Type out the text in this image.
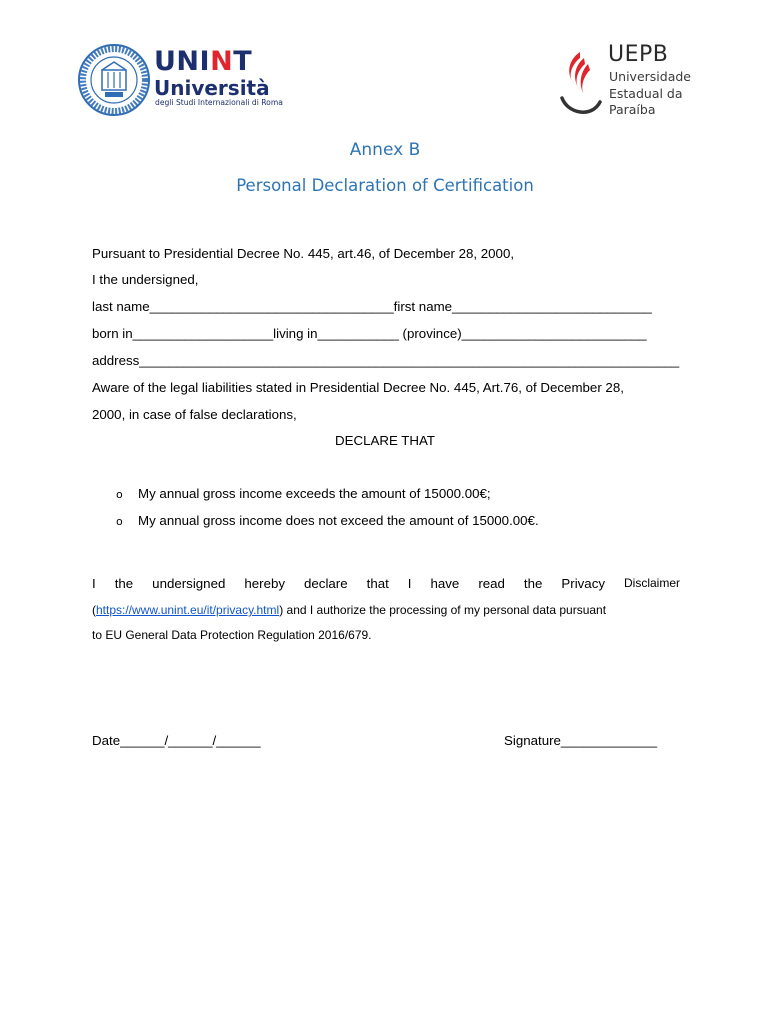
UNINT
Università
degli Studi Internazionali di Roma
UEPB
Universidade
Estadual da
Paraíba
Annex B
Personal Declaration of Certification
Pursuant to Presidential Decree No. 445, art.46, of December 28, 2000,
I the undersigned,
last name_________________________________first name___________________________
born in___________________living in___________ (province)_________________________
address_________________________________________________________________________
Aware of the legal liabilities stated in Presidential Decree No. 445, Art.76, of December 28,
2000, in case of false declarations,
DECLARE THAT
o My annual gross income exceeds the amount of 15000.00€;
o My annual gross income does not exceed the amount of 15000.00€.
I the undersigned hereby declare that I have read the Privacy Disclaimer
(https://www.unint.eu/it/privacy.html) and I authorize the processing of my personal data pursuant
to EU General Data Protection Regulation 2016/679.
Date______/______/______	Signature_____________
